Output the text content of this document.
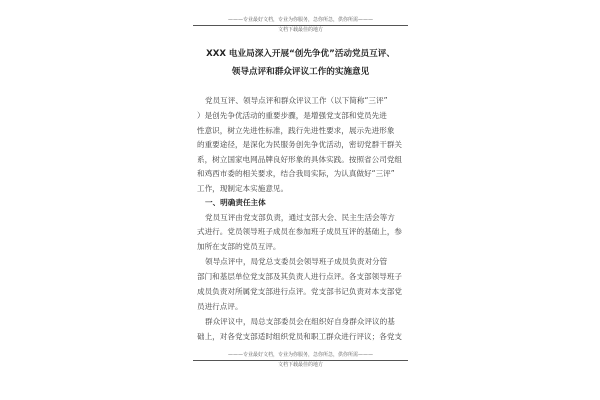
———专业最好文档，专业为你服务，急你所急，供你所需———
文档下载最佳的地方
XXX 电业局深入开展“创先争优”活动党员互评、
领导点评和群众评议工作的实施意见
党员互评、领导点评和群众评议工作（以下简称“三评”
）是创先争优活动的重要步骤，是增强党支部和党员先进
性意识，树立先进性标准，践行先进性要求，展示先进形象
的重要途径，是深化为民服务创先争优活动，密切党群干群关
系，树立国家电网品牌良好形象的具体实践。按照省公司党组
和鸡西市委的相关要求，结合我局实际，为认真做好“三评”
工作，现制定本实施意见。
一、明确责任主体
党员互评由党支部负责，通过支部大会、民主生活会等方
式进行。党员领导班子成员在参加班子成员互评的基础上，参
加所在支部的党员互评。
领导点评中，局党总支委员会领导班子成员负责对分管
部门和基层单位党支部及其负责人进行点评。各支部领导班子
成员负责对所属党支部进行点评。党支部书记负责对本支部党
员进行点评。
群众评议中，局总支部委员会在组织好自身群众评议的基
础上，对各党支部适时组织党员和职工群众进行评议；各党支
———专业最好文档，专业为你服务，急你所急，供你所需———
文档下载最佳的地方
